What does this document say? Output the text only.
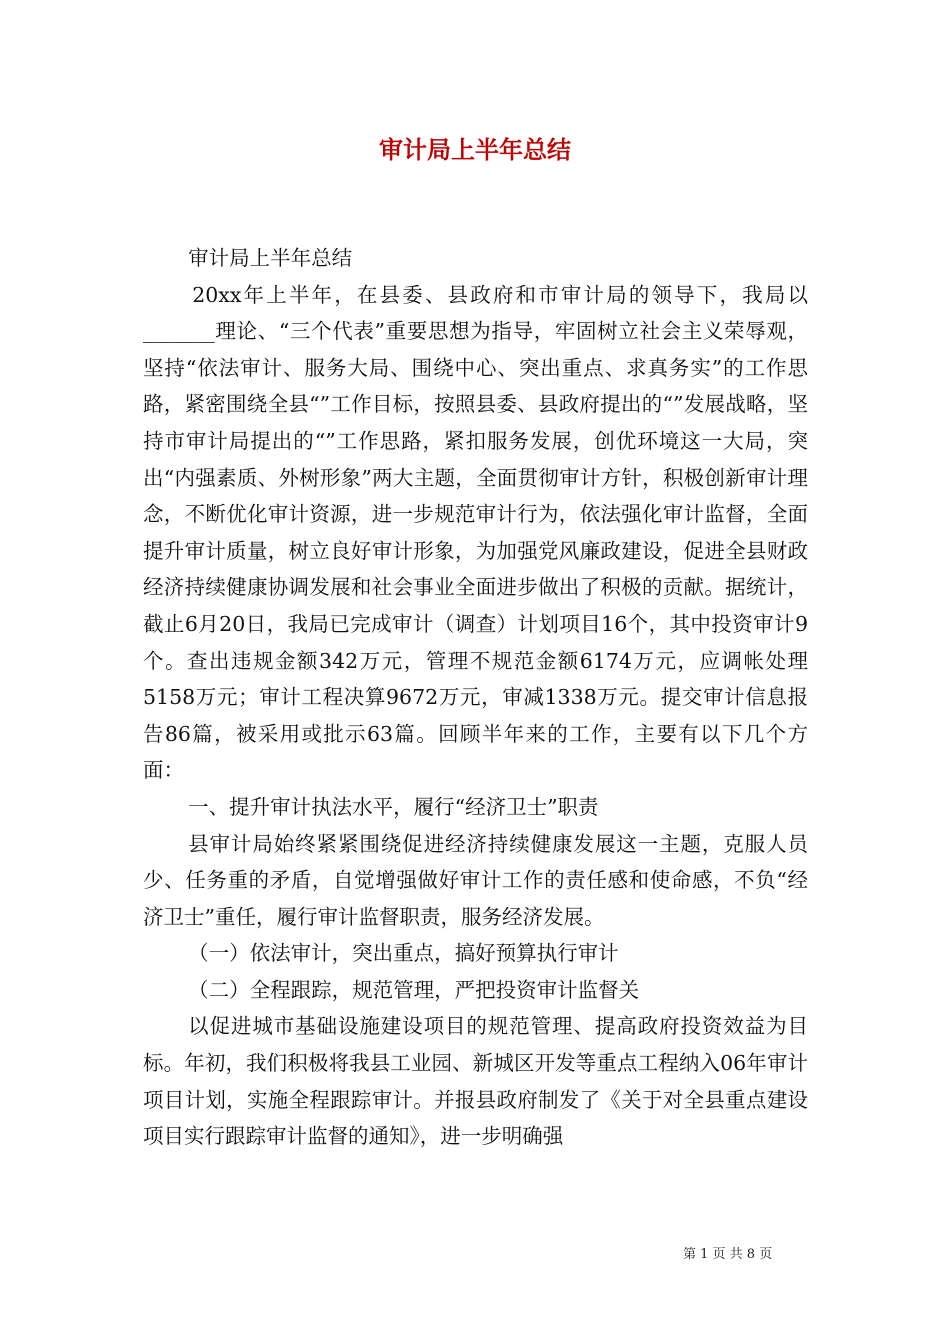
审计局上半年总结

审计局上半年总结

20xx年上半年，在县委、县政府和市审计局的领导下，我局以_______理论、“三个代表”重要思想为指导，牢固树立社会主义荣辱观，坚持“依法审计、服务大局、围绕中心、突出重点、求真务实”的工作思路，紧密围绕全县“”工作目标，按照县委、县政府提出的“”发展战略，坚持市审计局提出的“”工作思路，紧扣服务发展，创优环境这一大局，突出“内强素质、外树形象”两大主题，全面贯彻审计方针，积极创新审计理念，不断优化审计资源，进一步规范审计行为，依法强化审计监督，全面提升审计质量，树立良好审计形象，为加强党风廉政建设，促进全县财政经济持续健康协调发展和社会事业全面进步做出了积极的贡献。据统计，截止6月20日，我局已完成审计（调查）计划项目16个，其中投资审计9个。查出违规金额342万元，管理不规范金额6174万元，应调帐处理5158万元；审计工程决算9672万元，审减1338万元。提交审计信息报告86篇，被采用或批示63篇。回顾半年来的工作，主要有以下几个方面：

一、提升审计执法水平，履行“经济卫士”职责

县审计局始终紧紧围绕促进经济持续健康发展这一主题，克服人员少、任务重的矛盾，自觉增强做好审计工作的责任感和使命感，不负“经济卫士”重任，履行审计监督职责，服务经济发展。

（一）依法审计，突出重点，搞好预算执行审计

（二）全程跟踪，规范管理，严把投资审计监督关

以促进城市基础设施建设项目的规范管理、提高政府投资效益为目标。年初，我们积极将我县工业园、新城区开发等重点工程纳入06年审计项目计划，实施全程跟踪审计。并报县政府制发了《关于对全县重点建设项目实行跟踪审计监督的通知》，进一步明确强

第 1 页 共 8 页
